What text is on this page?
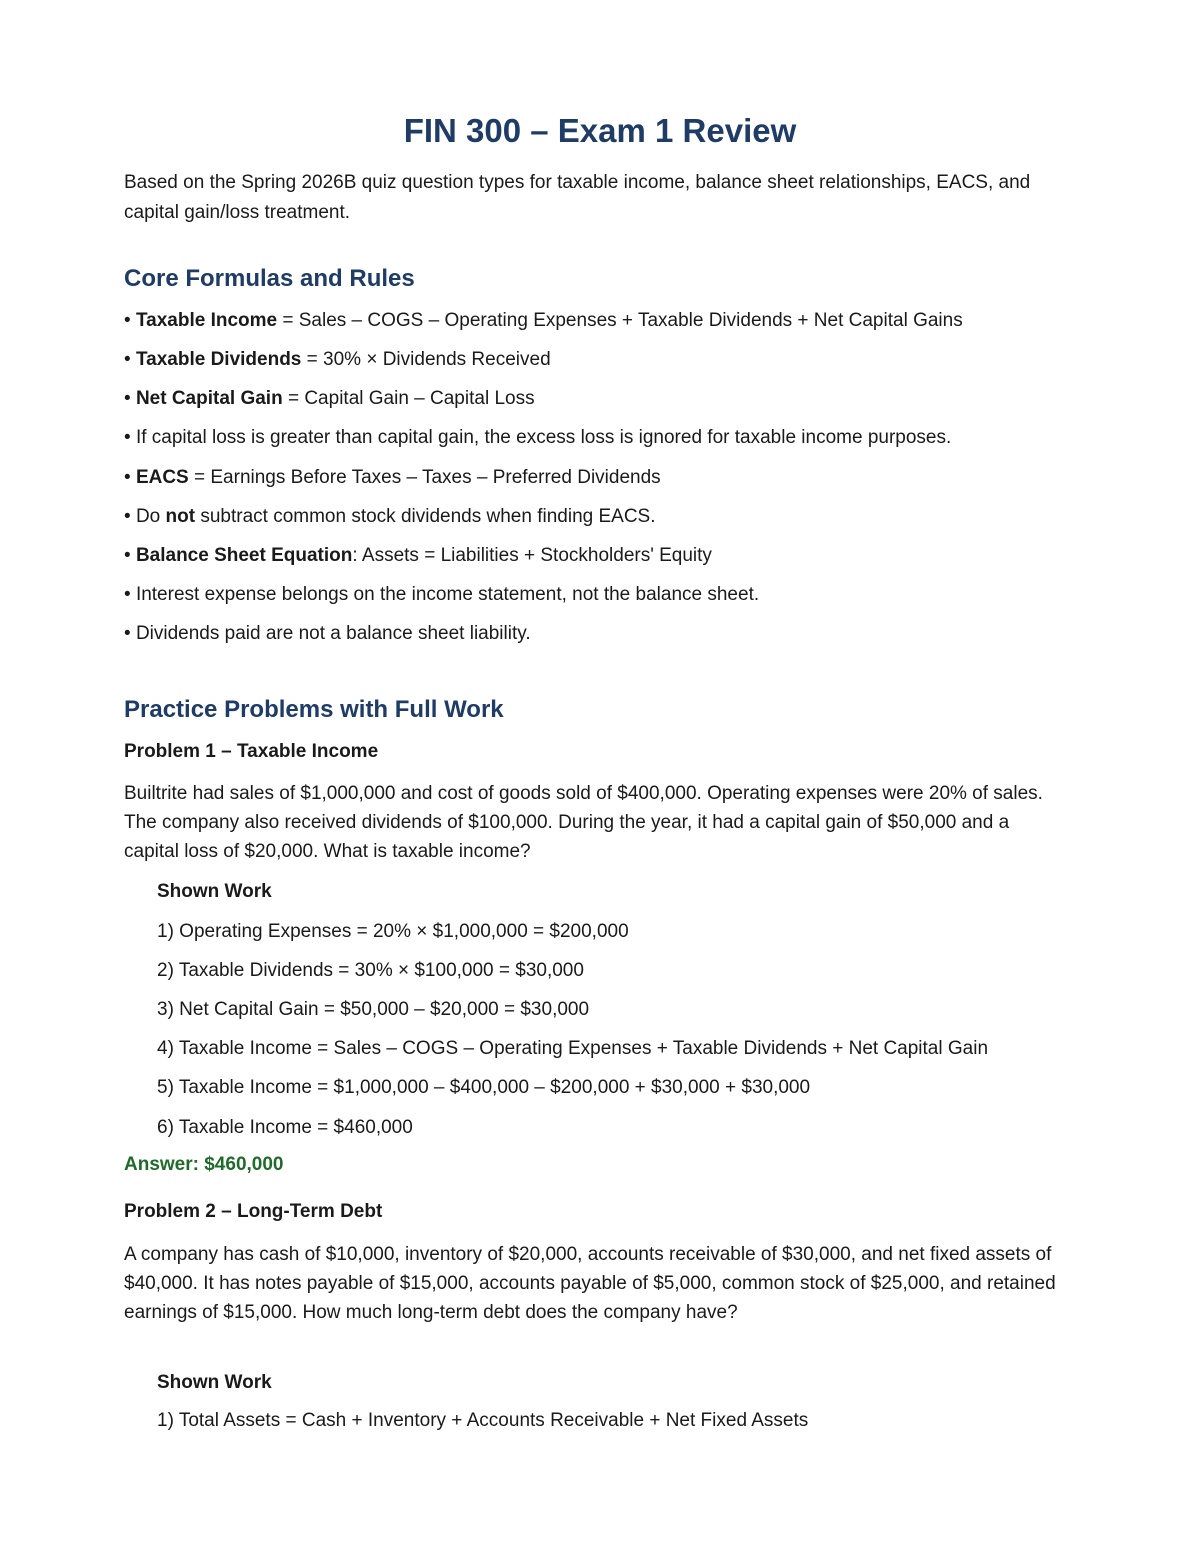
FIN 300 – Exam 1 Review

Based on the Spring 2026B quiz question types for taxable income, balance sheet relationships, EACS, and capital gain/loss treatment.

Core Formulas and Rules

• Taxable Income = Sales – COGS – Operating Expenses + Taxable Dividends + Net Capital Gains

• Taxable Dividends = 30% × Dividends Received

• Net Capital Gain = Capital Gain – Capital Loss

• If capital loss is greater than capital gain, the excess loss is ignored for taxable income purposes.

• EACS = Earnings Before Taxes – Taxes – Preferred Dividends

• Do not subtract common stock dividends when finding EACS.

• Balance Sheet Equation: Assets = Liabilities + Stockholders' Equity

• Interest expense belongs on the income statement, not the balance sheet.

• Dividends paid are not a balance sheet liability.

Practice Problems with Full Work
Problem 1 – Taxable Income

Builtrite had sales of $1,000,000 and cost of goods sold of $400,000. Operating expenses were 20% of sales. The company also received dividends of $100,000. During the year, it had a capital gain of $50,000 and a capital loss of $20,000. What is taxable income?

Shown Work

1) Operating Expenses = 20% × $1,000,000 = $200,000

2) Taxable Dividends = 30% × $100,000 = $30,000

3) Net Capital Gain = $50,000 – $20,000 = $30,000

4) Taxable Income = Sales – COGS – Operating Expenses + Taxable Dividends + Net Capital Gain

5) Taxable Income = $1,000,000 – $400,000 – $200,000 + $30,000 + $30,000

6) Taxable Income = $460,000

Answer: $460,000

Problem 2 – Long-Term Debt

A company has cash of $10,000, inventory of $20,000, accounts receivable of $30,000, and net fixed assets of $40,000. It has notes payable of $15,000, accounts payable of $5,000, common stock of $25,000, and retained earnings of $15,000. How much long-term debt does the company have?

Shown Work

1) Total Assets = Cash + Inventory + Accounts Receivable + Net Fixed Assets
